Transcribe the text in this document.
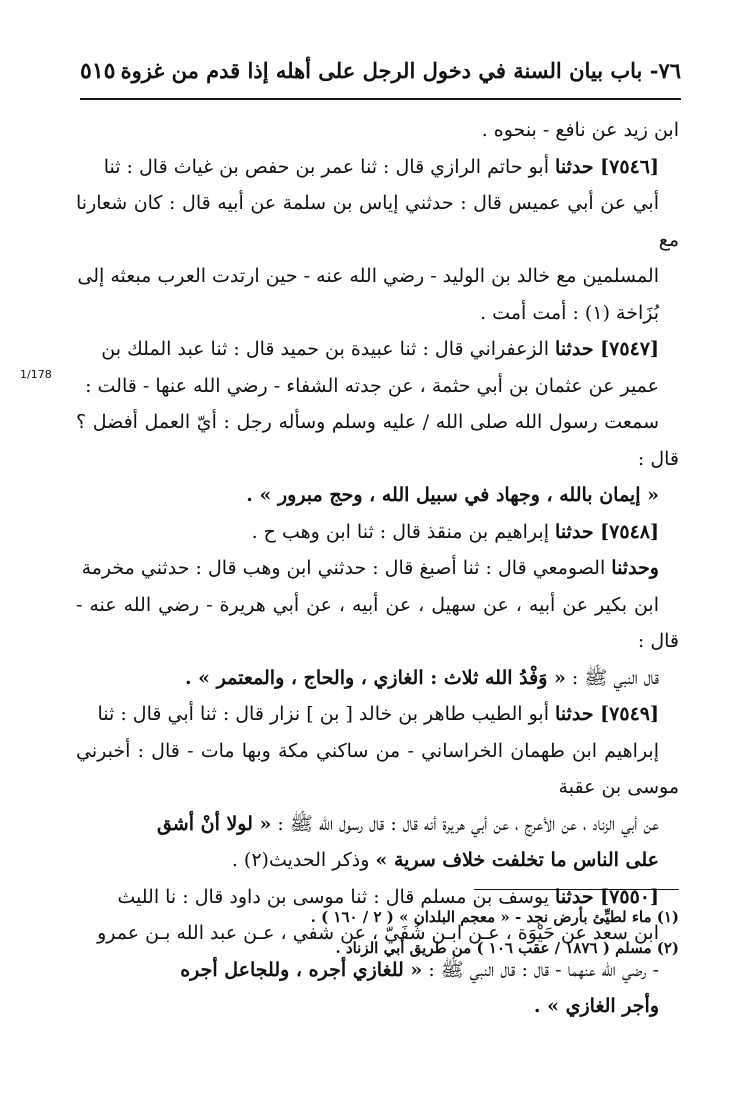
٧٦- باب بيان السنة في دخول الرجل على أهله إذا قدم من غزوة
٥١٥
1/178
ابن زيد عن نافع - بنحوه .
[٧٥٤٦] حدثنا أبو حاتم الرازي قال : ثنا عمر بن حفص بن غياث قال : ثنا
أبي عن أبي عميس قال : حدثني إياس بن سلمة عن أبيه قال : كان شعارنا مع
المسلمين مع خالد بن الوليد - رضي الله عنه - حين ارتدت العرب مبعثه إلى
بُزَاخة (١) : أمت أمت .
[٧٥٤٧] حدثنا الزعفراني قال : ثنا عبيدة بن حميد قال : ثنا عبد الملك بن
عمير عن عثمان بن أبي حثمة ، عن جدته الشفاء - رضي الله عنها - قالت :
سمعت رسول الله صلى الله / عليه وسلم وسأله رجل : أيّ العمل أفضل ؟ قال :
« إيمان بالله ، وجهاد في سبيل الله ، وحج مبرور » .
[٧٥٤٨] حدثنا إبراهيم بن منقذ قال : ثنا ابن وهب ح .
وحدثنا الصومعي قال : ثنا أصبغ قال : حدثني ابن وهب قال : حدثني مخرمة
ابن بكير عن أبيه ، عن سهيل ، عن أبيه ، عن أبي هريرة - رضي الله عنه - قال :
قال النبي ﷺ : « وَفْدُ الله ثلاث : الغازي ، والحاج ، والمعتمر » .
[٧٥٤٩] حدثنا أبو الطيب طاهر بن خالد [ بن ] نزار قال : ثنا أبي قال : ثنا
إبراهيم ابن طهمان الخراساني - من ساكني مكة وبها مات - قال : أخبرني موسى بن عقبة
عن أبي الزناد ، عن الأعرج ، عن أبي هريرة أنه قال : قال رسول الله ﷺ : « لولا أنْ أشق
على الناس ما تخلفت خلاف سرية » وذكر الحديث(٢) .
[٧٥٥٠] حدثنا يوسف بن مسلم قال : ثنا موسى بن داود قال : نا الليث
ابن سعد عن حَيْوَة ، عـن ابـن شُفَيّ ، عن شفي ، عـن عبد الله بـن عمرو
- رضي الله عنهما - قال : قال النبي ﷺ : « للغازي أجره ، وللجاعل أجره
وأجر الغازي » .

(١) ماء لطيِّئ بأرض نجد - « معجم البلدان » ( ٢ / ١٦٠ ) .

(٢) مسلم ( ١٨٧٦ / عقب ١٠٦ ) من طريق أبي الزناد .
